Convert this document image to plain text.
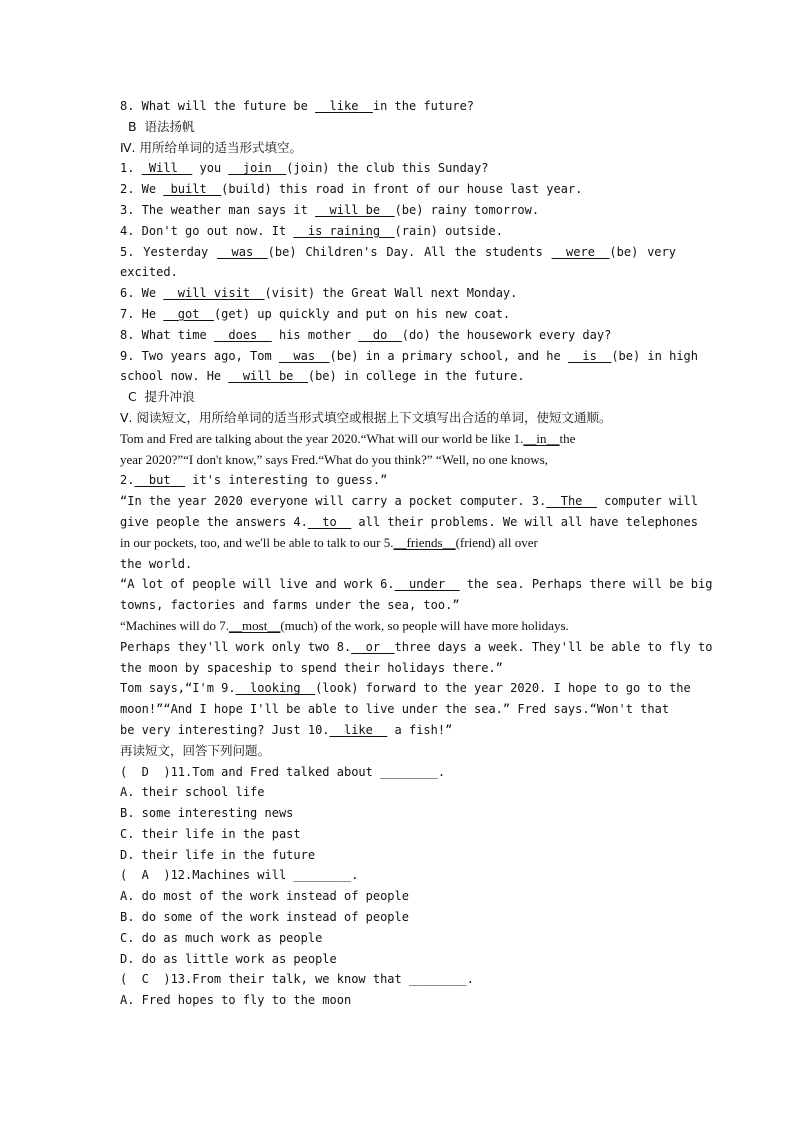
8. What will the future be __like__in the future?
B  语法扬帆
Ⅳ. 用所给单词的适当形式填空。
1. _Will__ you __join__(join) the club this Sunday?
2. We _built__(build) this road in front of our house last year.
3. The weather man says it __will be__(be) rainy tomorrow.
4. Don't go out now. It __is raining__(rain) outside.
5. Yesterday __was__(be) Children's Day. All the students __were__(be) very
excited.
6. We __will visit__(visit) the Great Wall next Monday.
7. He __got__(get) up quickly and put on his new coat.
8. What time __does__ his mother __do__(do) the housework every day?
9. Two years ago, Tom __was__(be) in a primary school, and he __is__(be) in high
school now. He __will be__(be) in college in the future.
C  提升冲浪
Ⅴ. 阅读短文，用所给单词的适当形式填空或根据上下文填写出合适的单词，使短文通顺。
Tom and Fred are talking about the year 2020.“What will our world be like 1.__in__the
year 2020?”“I don't know,” says Fred.“What do you think?” “Well, no one knows,
2.__but__ it's interesting to guess.”
“In the year 2020 everyone will carry a pocket computer. 3.__The__ computer will
give people the answers 4.__to__ all their problems. We will all have telephones
in our pockets, too, and we'll be able to talk to our 5.__friends__(friend) all over
the world.
“A lot of people will live and work 6.__under__ the sea. Perhaps there will be big
towns, factories and farms under the sea, too.”
“Machines will do 7.__most__(much) of the work, so people will have more holidays.
Perhaps they'll work only two 8.__or__three days a week. They'll be able to fly to
the moon by spaceship to spend their holidays there.”
Tom says,“I'm 9.__looking__(look) forward to the year 2020. I hope to go to the
moon!”“And I hope I'll be able to live under the sea.” Fred says.“Won't that
be very interesting? Just 10.__like__ a fish!”
再读短文，回答下列问题。
(  D  )11.Tom and Fred talked about ________.
A. their school life
B. some interesting news
C. their life in the past
D. their life in the future
(  A  )12.Machines will ________.
A. do most of the work instead of people
B. do some of the work instead of people
C. do as much work as people
D. do as little work as people
(  C  )13.From their talk, we know that ________.
A. Fred hopes to fly to the moon
